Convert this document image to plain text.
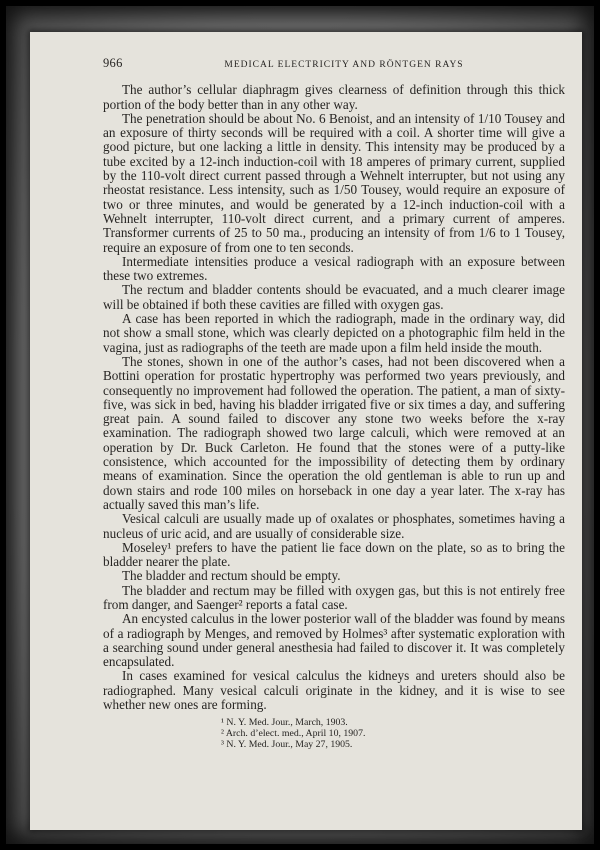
966	MEDICAL ELECTRICITY AND RÖNTGEN RAYS

The author’s cellular diaphragm gives clearness of definition through this thick portion of the body better than in any other way.

The penetration should be about No. 6 Benoist, and an intensity of 1/10 Tousey and an exposure of thirty seconds will be required with a coil. A shorter time will give a good picture, but one lacking a little in density. This intensity may be produced by a tube excited by a 12-inch induction-coil with 18 amperes of primary current, supplied by the 110-volt direct current passed through a Wehnelt interrupter, but not using any rheostat resistance. Less intensity, such as 1/50 Tousey, would require an exposure of two or three minutes, and would be generated by a 12-inch induction-coil with a Wehnelt interrupter, 110-volt direct current, and a primary current of amperes. Transformer currents of 25 to 50 ma., producing an intensity of from 1/6 to 1 Tousey, require an exposure of from one to ten seconds.

Intermediate intensities produce a vesical radiograph with an exposure between these two extremes.

The rectum and bladder contents should be evacuated, and a much clearer image will be obtained if both these cavities are filled with oxygen gas.

A case has been reported in which the radiograph, made in the ordinary way, did not show a small stone, which was clearly depicted on a photographic film held in the vagina, just as radiographs of the teeth are made upon a film held inside the mouth.

The stones, shown in one of the author’s cases, had not been discovered when a Bottini operation for prostatic hypertrophy was performed two years previously, and consequently no improvement had followed the operation. The patient, a man of sixty-five, was sick in bed, having his bladder irrigated five or six times a day, and suffering great pain. A sound failed to discover any stone two weeks before the x-ray examination. The radiograph showed two large calculi, which were removed at an operation by Dr. Buck Carleton. He found that the stones were of a putty-like consistence, which accounted for the impossibility of detecting them by ordinary means of examination. Since the operation the old gentleman is able to run up and down stairs and rode 100 miles on horseback in one day a year later. The x-ray has actually saved this man’s life.

Vesical calculi are usually made up of oxalates or phosphates, sometimes having a nucleus of uric acid, and are usually of considerable size.

Moseley¹ prefers to have the patient lie face down on the plate, so as to bring the bladder nearer the plate.

The bladder and rectum should be empty.

The bladder and rectum may be filled with oxygen gas, but this is not entirely free from danger, and Saenger² reports a fatal case.

An encysted calculus in the lower posterior wall of the bladder was found by means of a radiograph by Menges, and removed by Holmes³ after systematic exploration with a searching sound under general anesthesia had failed to discover it. It was completely encapsulated.

In cases examined for vesical calculus the kidneys and ureters should also be radiographed. Many vesical calculi originate in the kidney, and it is wise to see whether new ones are forming.

¹ N. Y. Med. Jour., March, 1903.
² Arch. d’elect. med., April 10, 1907.
³ N. Y. Med. Jour., May 27, 1905.
